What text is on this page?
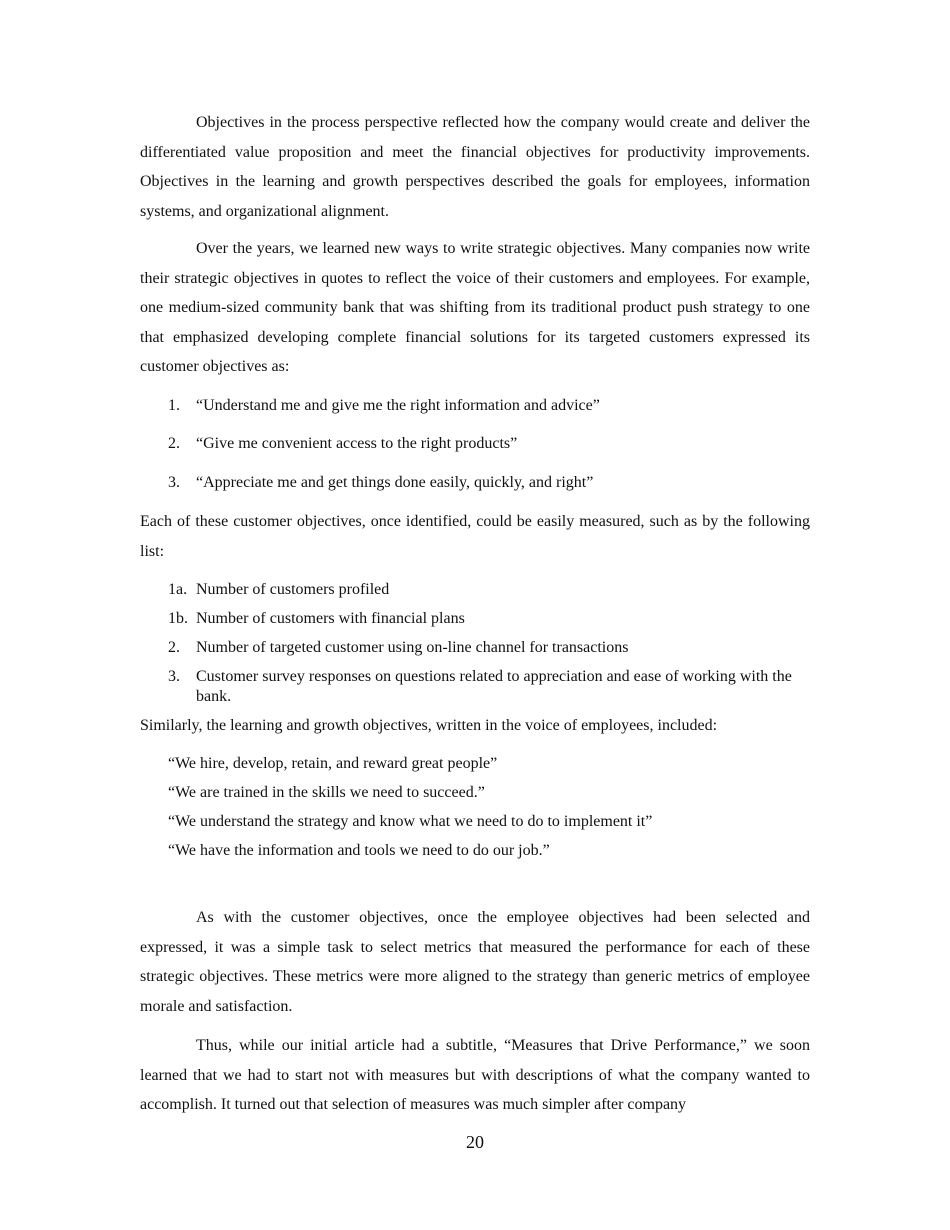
Objectives in the process perspective reflected how the company would create and deliver the differentiated value proposition and meet the financial objectives for productivity improvements. Objectives in the learning and growth perspectives described the goals for employees, information systems, and organizational alignment.

Over the years, we learned new ways to write strategic objectives. Many companies now write their strategic objectives in quotes to reflect the voice of their customers and employees. For example, one medium-sized community bank that was shifting from its traditional product push strategy to one that emphasized developing complete financial solutions for its targeted customers expressed its customer objectives as:

1.	“Understand me and give me the right information and advice”
2.	“Give me convenient access to the right products”
3.	“Appreciate me and get things done easily, quickly, and right”

Each of these customer objectives, once identified, could be easily measured, such as by the following list:

1a. Number of customers profiled
1b. Number of customers with financial plans
2.	Number of targeted customer using on-line channel for transactions
3.	Customer survey responses on questions related to appreciation and ease of working with the bank.

Similarly, the learning and growth objectives, written in the voice of employees, included:

“We hire, develop, retain, and reward great people”

“We are trained in the skills we need to succeed.”

“We understand the strategy and know what we need to do to implement it”

“We have the information and tools we need to do our job.”

As with the customer objectives, once the employee objectives had been selected and expressed, it was a simple task to select metrics that measured the performance for each of these strategic objectives. These metrics were more aligned to the strategy than generic metrics of employee morale and satisfaction.

Thus, while our initial article had a subtitle, “Measures that Drive Performance,” we soon learned that we had to start not with measures but with descriptions of what the company wanted to accomplish. It turned out that selection of measures was much simpler after company

20
